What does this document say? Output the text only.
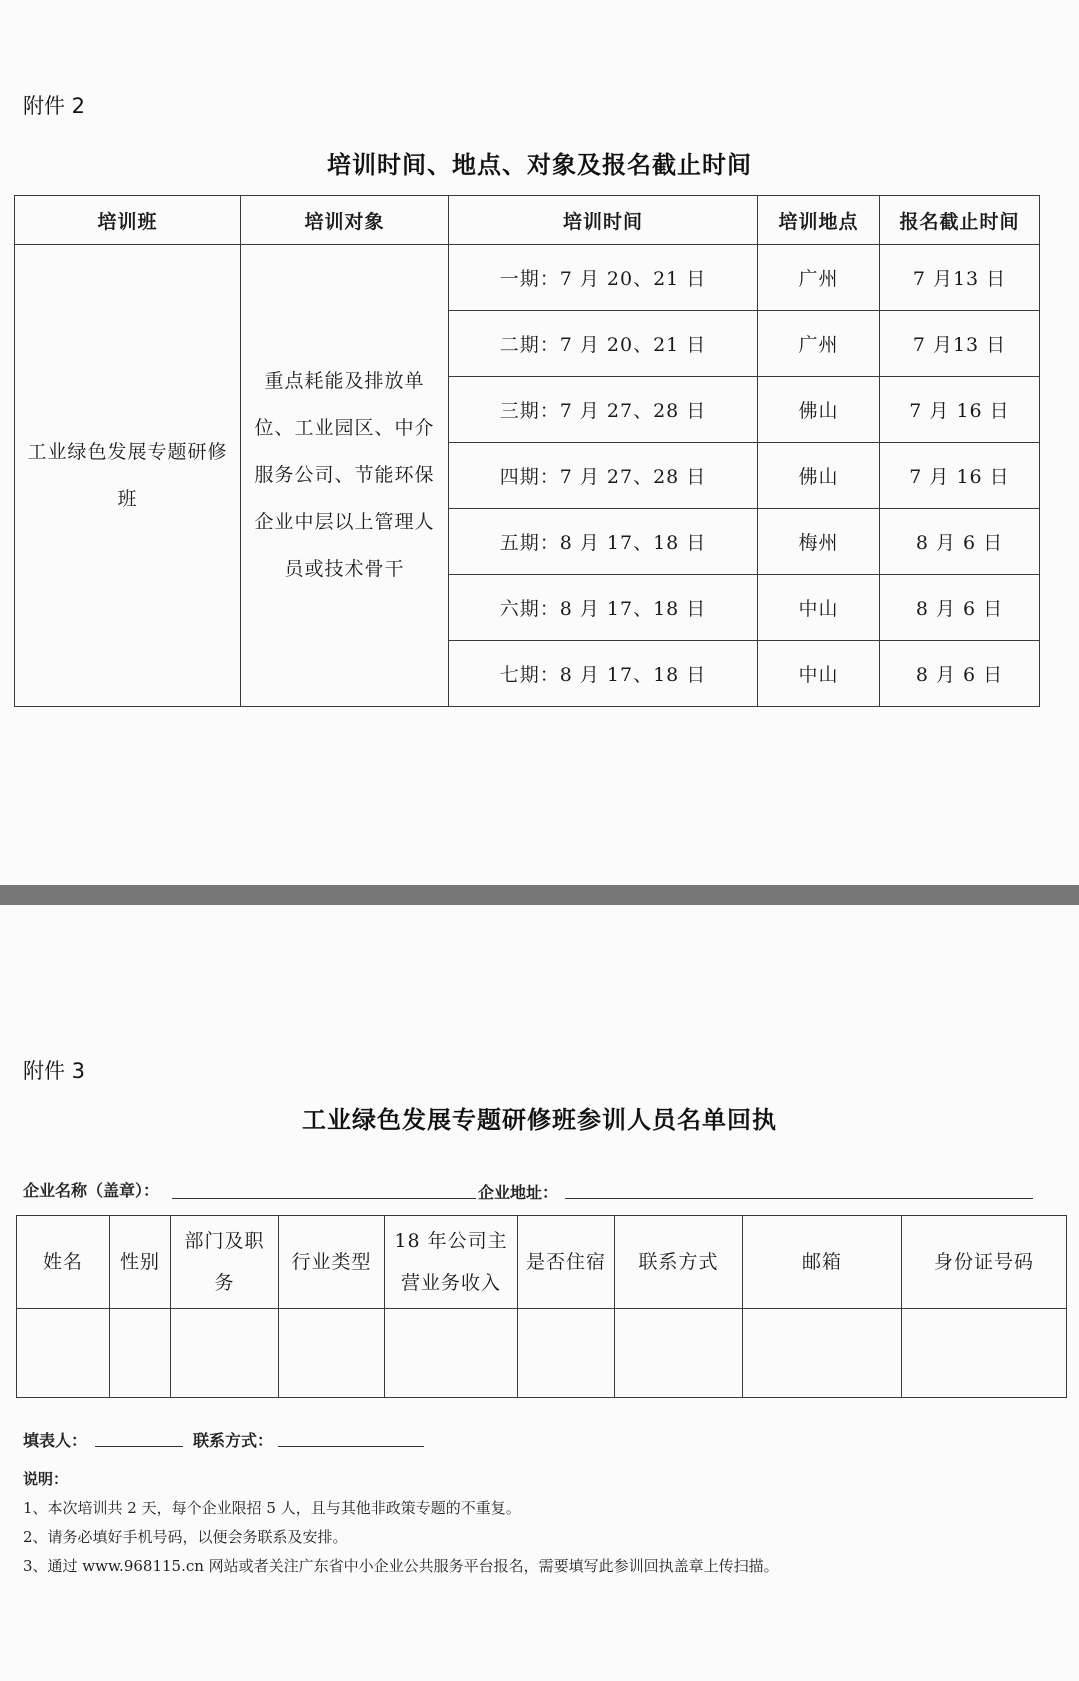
附件 2
培训时间、地点、对象及报名截止时间
培训班	培训对象	培训时间	培训地点	报名截止时间
工业绿色发展专题研修班	重点耗能及排放单位、工业园区、中介服务公司、节能环保企业中层以上管理人员或技术骨干	一期：7 月 20、21 日	广州	7 月13 日
		二期：7 月 20、21 日	广州	7 月13 日
		三期：7 月 27、28 日	佛山	7 月 16 日
		四期：7 月 27、28 日	佛山	7 月 16 日
		五期：8 月 17、18 日	梅州	8 月 6 日
		六期：8 月 17、18 日	中山	8 月 6 日
		七期：8 月 17、18 日	中山	8 月 6 日
附件 3
工业绿色发展专题研修班参训人员名单回执
企业名称（盖章）：	企业地址：
姓名	性别	部门及职务	行业类型	18 年公司主营业务收入	是否住宿	联系方式	邮箱	身份证号码

填表人：	联系方式：
说明：
1、本次培训共 2 天，每个企业限招 5 人，且与其他非政策专题的不重复。
2、请务必填好手机号码，以便会务联系及安排。
3、通过 www.968115.cn 网站或者关注广东省中小企业公共服务平台报名，需要填写此参训回执盖章上传扫描。
